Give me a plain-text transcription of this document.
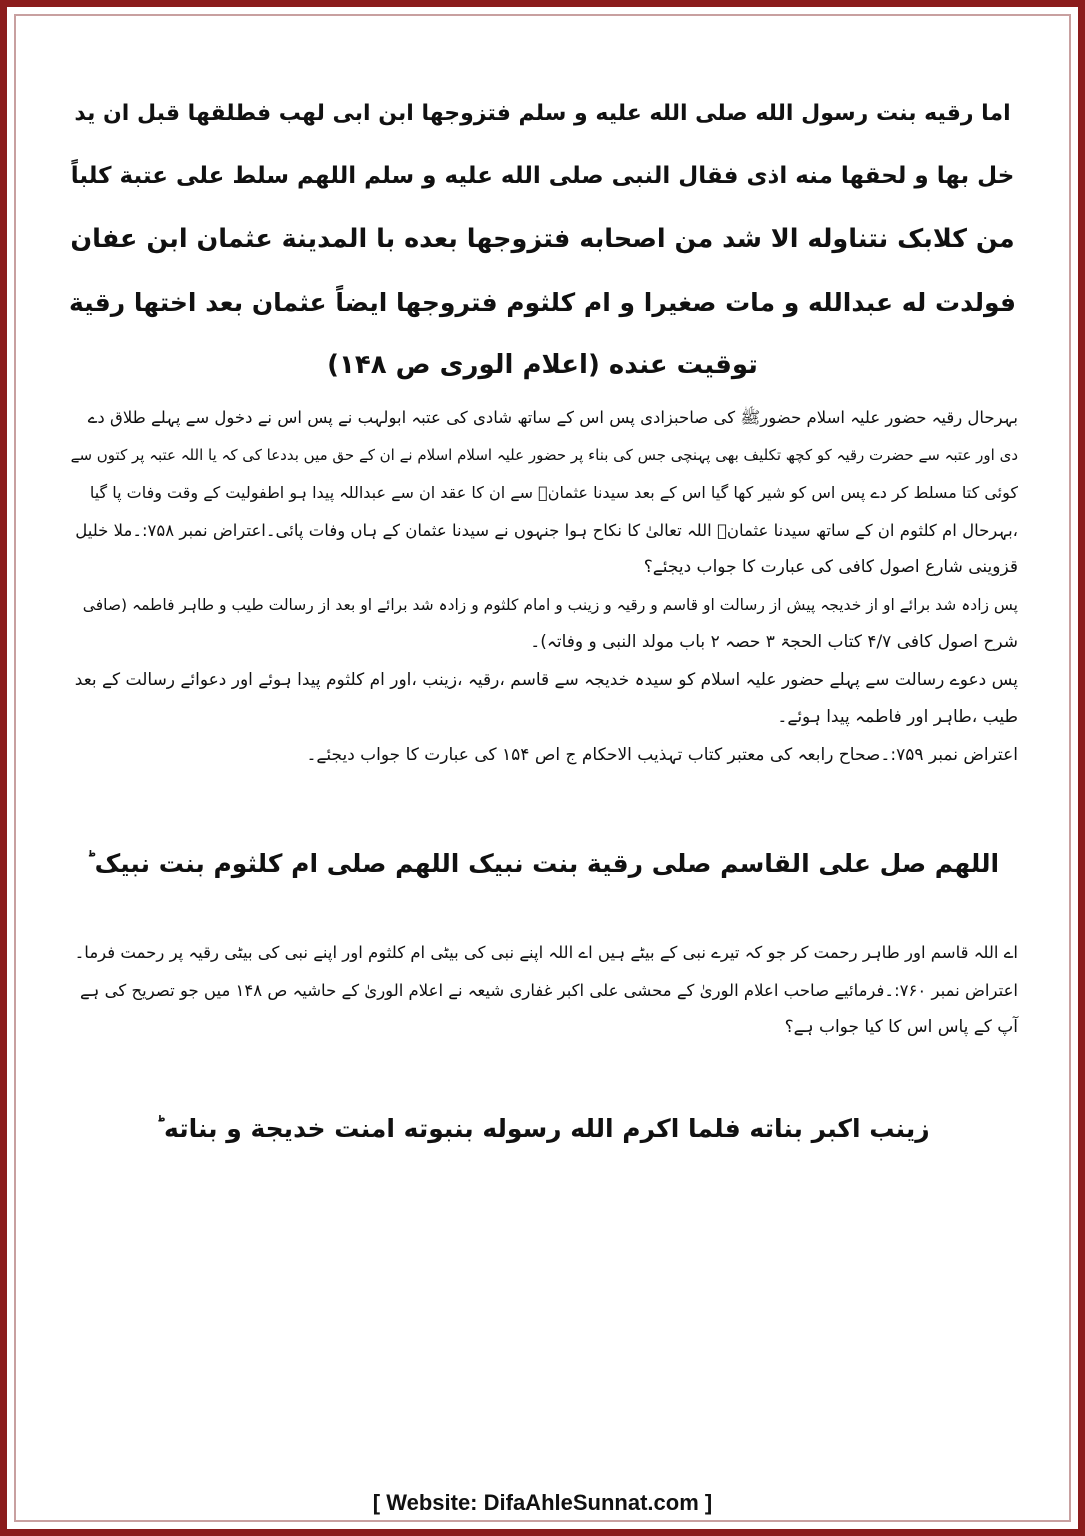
اما رقیه بنت رسول الله صلی الله علیه و سلم فتزوجها ابن ابی لهب فطلقها قبل ان ید
خل بها و لحقها منه اذی فقال النبی صلی الله علیه و سلم اللهم سلط علی عتبة کلباً
من کلابک نتناوله الا شد من اصحابه فتزوجها بعده با المدینة عثمان ابن عفان
فولدت له عبدالله و مات صغیرا و ام کلثوم فتروجها ایضاً عثمان بعد اختها رقیة
توقیت عنده (اعلام الوری ص ۱۴۸)
بہرحال رقیہ حضور علیہ اسلام حضورﷺ کی صاحبزادی پس اس کے ساتھ شادی کی عتبہ ابولہب نے پس اس نے دخول سے پہلے طلاق دے
دی اور عتبہ سے حضرت رقیہ کو کچھ تکلیف بھی پہنچی جس کی بناء پر حضور علیہ اسلام اسلام نے ان کے حق میں بددعا کی کہ یا اللہ عتبہ پر کتوں سے
کوئی کتا مسلط کر دے پس اس کو شیر کھا گیا اس کے بعد سیدنا عثمانؓ سے ان کا عقد ان سے عبداللہ پیدا ہو اطفولیت کے وقت وفات پا گیا
،بہرحال ام کلثوم ان کے ساتھ سیدنا عثمانؓ اللہ تعالیٰ کا نکاح ہوا جنہوں نے سیدنا عثمان کے ہاں وفات پائی۔اعتراض نمبر ۷۵۸:۔ملا خلیل
قزوینی شارع اصول کافی کی عبارت کا جواب دیجئے؟
پس زادہ شد برائے او از خدیجہ پیش از رسالت او قاسم و رقیہ و زینب و امام کلثوم و زادہ شد برائے او بعد از رسالت طیب و طاہر فاطمہ (صافی
شرح اصول کافی ۴/۷ کتاب الحجۃ ۳ حصہ ۲ باب مولد النبی و وفاتہ)۔
پس دعوے رسالت سے پہلے حضور علیہ اسلام کو سیدہ خدیجہ سے قاسم ،رقیہ ،زینب ،اور ام کلثوم پیدا ہوئے اور دعوائے رسالت کے بعد
طیب ،طاہر اور فاطمہ پیدا ہوئے۔
اعتراض نمبر ۷۵۹:۔صحاح رابعہ کی معتبر کتاب تہذیب الاحکام ج اص ۱۵۴ کی عبارت کا جواب دیجئے۔
اللهم صل علی القاسم صلی رقیة بنت نبیک اللهم صلی ام کلثوم بنت نبیک ؕ
اے اللہ قاسم اور طاہر رحمت کر جو کہ تیرے نبی کے بیٹے ہیں اے اللہ اپنے نبی کی بیٹی ام کلثوم اور اپنے نبی کی بیٹی رقیہ پر رحمت فرما۔
اعتراض نمبر ۷۶۰:۔فرمائیے صاحب اعلام الوریٰ کے محشی علی اکبر غفاری شیعہ نے اعلام الوریٰ کے حاشیہ ص ۱۴۸ میں جو تصریح کی ہے
آپ کے پاس اس کا کیا جواب ہے؟
زینب اکبر بناته فلما اکرم الله رسوله بنبوته امنت خدیجة و بناته ؕ
[ Website: DifaAhleSunnat.com ]
